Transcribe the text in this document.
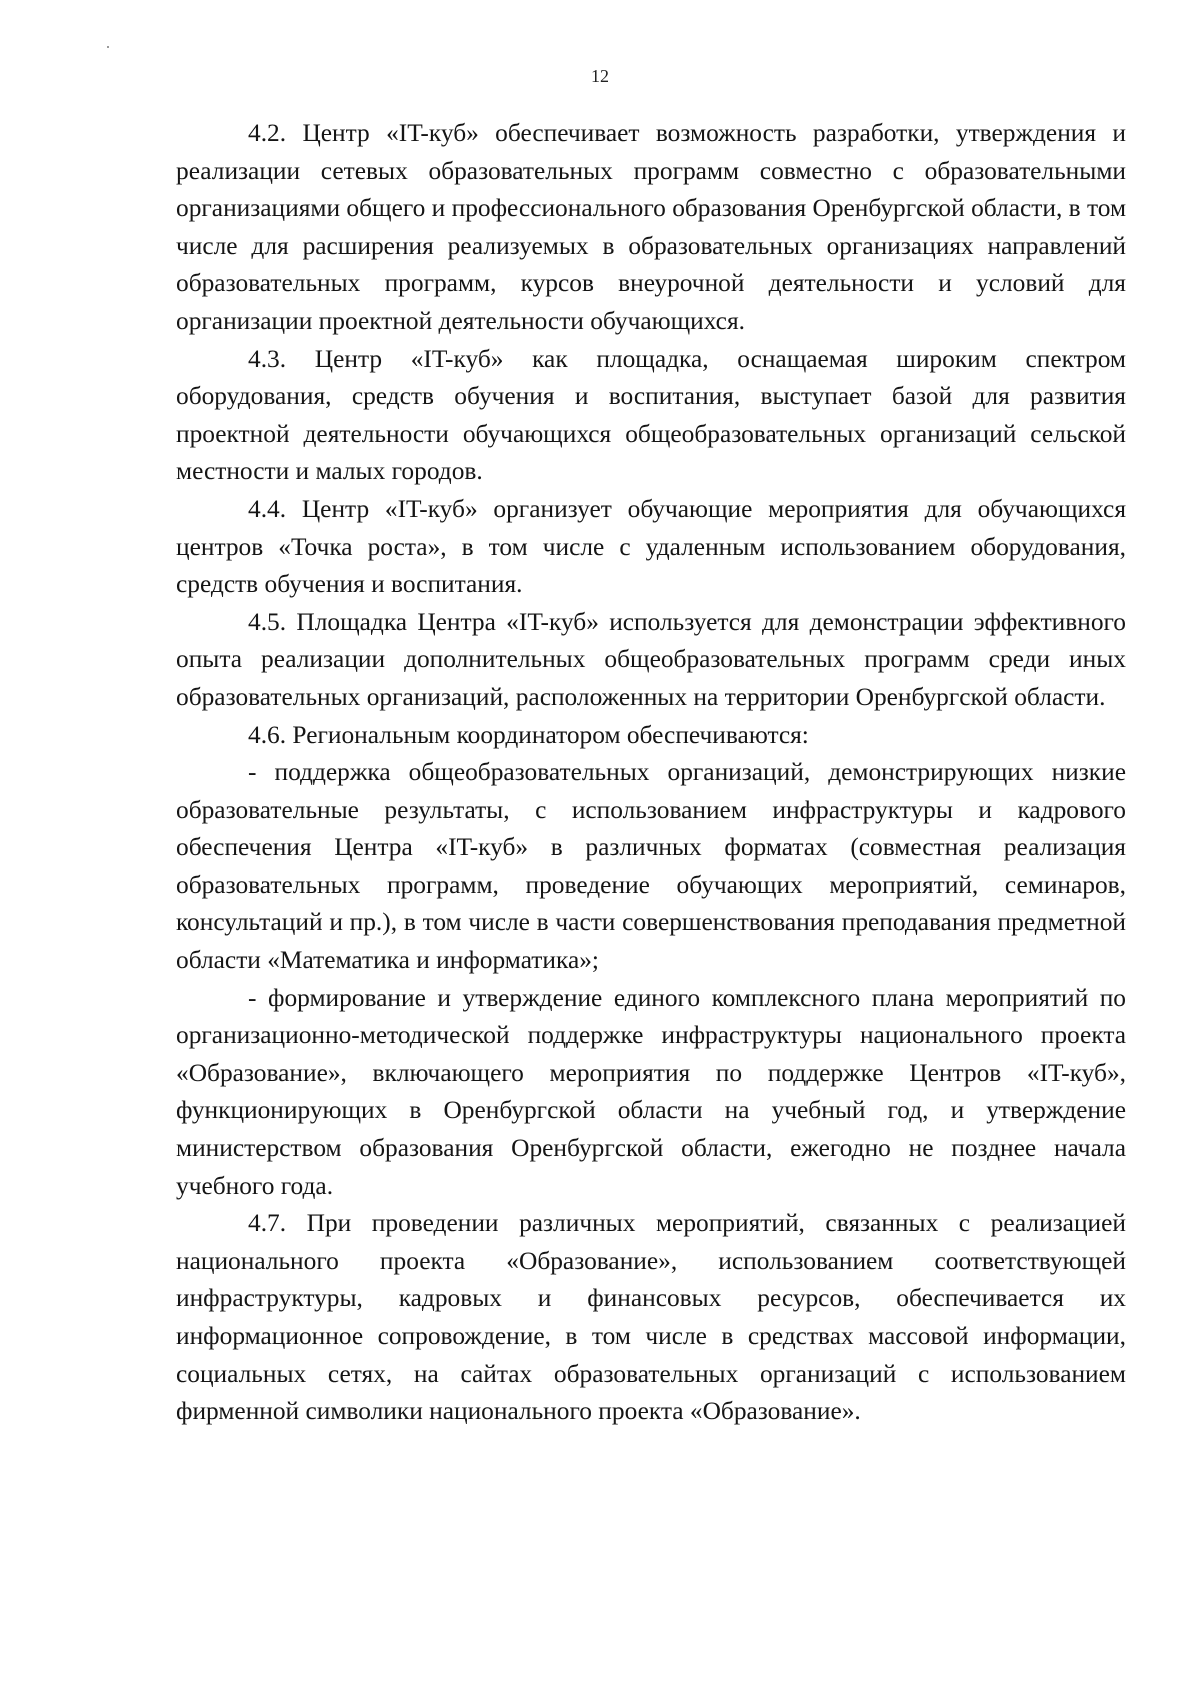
12

4.2. Центр «IT-куб» обеспечивает возможность разработки, утверждения и реализации сетевых образовательных программ совместно с образовательными организациями общего и профессионального образования Оренбургской области, в том числе для расширения реализуемых в образовательных организациях направлений образовательных программ, курсов внеурочной деятельности и условий для организации проектной деятельности обучающихся.

4.3. Центр «IT-куб» как площадка, оснащаемая широким спектром оборудования, средств обучения и воспитания, выступает базой для развития проектной деятельности обучающихся общеобразовательных организаций сельской местности и малых городов.

4.4. Центр «IT-куб» организует обучающие мероприятия для обучающихся центров «Точка роста», в том числе с удаленным использованием оборудования, средств обучения и воспитания.

4.5. Площадка Центра «IT-куб» используется для демонстрации эффективного опыта реализации дополнительных общеобразовательных программ среди иных образовательных организаций, расположенных на территории Оренбургской области.

4.6. Региональным координатором обеспечиваются:

- поддержка общеобразовательных организаций, демонстрирующих низкие образовательные результаты, с использованием инфраструктуры и кадрового обеспечения Центра «IT-куб» в различных форматах (совместная реализация образовательных программ, проведение обучающих мероприятий, семинаров, консультаций и пр.), в том числе в части совершенствования преподавания предметной области «Математика и информатика»;

- формирование и утверждение единого комплексного плана мероприятий по организационно-методической поддержке инфраструктуры национального проекта «Образование», включающего мероприятия по поддержке Центров «IT-куб», функционирующих в Оренбургской области на учебный год, и утверждение министерством образования Оренбургской области, ежегодно не позднее начала учебного года.

4.7. При проведении различных мероприятий, связанных с реализацией национального проекта «Образование», использованием соответствующей инфраструктуры, кадровых и финансовых ресурсов, обеспечивается их информационное сопровождение, в том числе в средствах массовой информации, социальных сетях, на сайтах образовательных организаций с использованием фирменной символики национального проекта «Образование».
